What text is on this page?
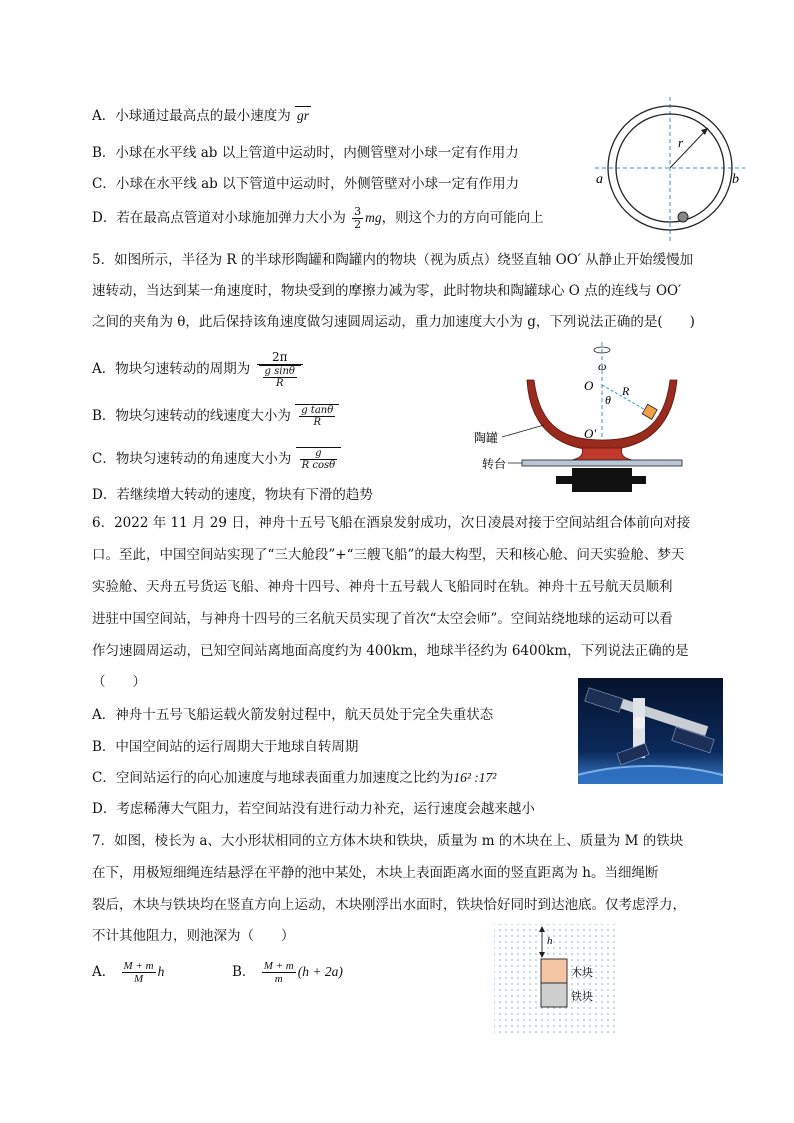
A．小球通过最高点的最小速度为 gr
B．小球在水平线 ab 以上管道中运动时，内侧管壁对小球一定有作用力
C．小球在水平线 ab 以下管道中运动时，外侧管壁对小球一定有作用力
D．若在最高点管道对小球施加弹力大小为 $\frac{3}{2}$ mg，则这个力的方向可能向上
r
a	b
5．如图所示，半径为 R 的半球形陶罐和陶罐内的物块（视为质点）绕竖直轴 OO′ 从静止开始缓慢加
速转动，当达到某一角速度时，物块受到的摩擦力减为零，此时物块和陶罐球心 O 点的连线与 OO′
之间的夹角为 θ，此后保持该角速度做匀速圆周运动，重力加速度大小为 g，下列说法正确的是(　　)
A．物块匀速转动的周期为 $\frac{2\pi}{\frac{\text{g sinθ}}{R}}$
B．物块匀速转动的线速度大小为 $\frac{\text{g tanθ}}{R}$
C．物块匀速转动的角速度大小为 $\frac{g}{\text{R cosθ}}$
D．若继续增大转动的速度，物块有下滑的趋势
ω
O R
θ
O′
陶罐
转台
6．2022 年 11 月 29 日，神舟十五号飞船在酒泉发射成功，次日凌晨对接于空间站组合体前向对接
口。至此，中国空间站实现了“三大舱段”+“三艘飞船”的最大构型，天和核心舱、问天实验舱、梦天
实验舱、天舟五号货运飞船、神舟十四号、神舟十五号载人飞船同时在轨。神舟十五号航天员顺利
进驻中国空间站，与神舟十四号的三名航天员实现了首次“太空会师”。空间站绕地球的运动可以看
作匀速圆周运动，已知空间站离地面高度约为 400km，地球半径约为 6400km，下列说法正确的是
（　　）
A．神舟十五号飞船运载火箭发射过程中，航天员处于完全失重状态
B．中国空间站的运行周期大于地球自转周期
C．空间站运行的向心加速度与地球表面重力加速度之比约为16² :17²
D．考虑稀薄大气阻力，若空间站没有进行动力补充，运行速度会越来越小
7．如图，棱长为 a、大小形状相同的立方体木块和铁块，质量为 m 的木块在上、质量为 M 的铁块
在下，用极短细绳连结悬浮在平静的池中某处，木块上表面距离水面的竖直距离为 h。当细绳断
裂后，木块与铁块均在竖直方向上运动，木块刚浮出水面时，铁块恰好同时到达池底。仅考虑浮力，
不计其他阻力，则池深为（　　）
A． $\frac{M + m}{M}$ h	B． $\frac{M + m}{m} (h + 2a)$
h
木块
铁块
